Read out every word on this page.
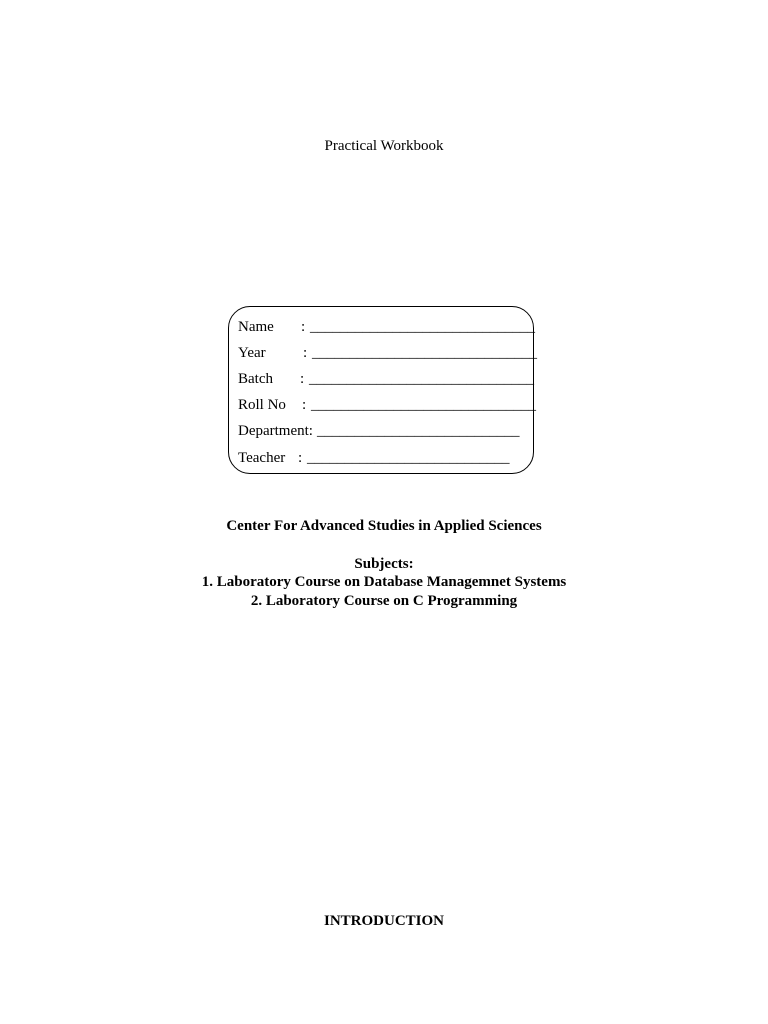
Practical Workbook
Name : ______________________________
Year : ______________________________
Batch : ______________________________
Roll No : ______________________________
Department: ___________________________
Teacher : ___________________________
Center For Advanced Studies in Applied Sciences
Subjects:
1. Laboratory Course on Database Managemnet Systems
2. Laboratory Course on C Programming
INTRODUCTION
